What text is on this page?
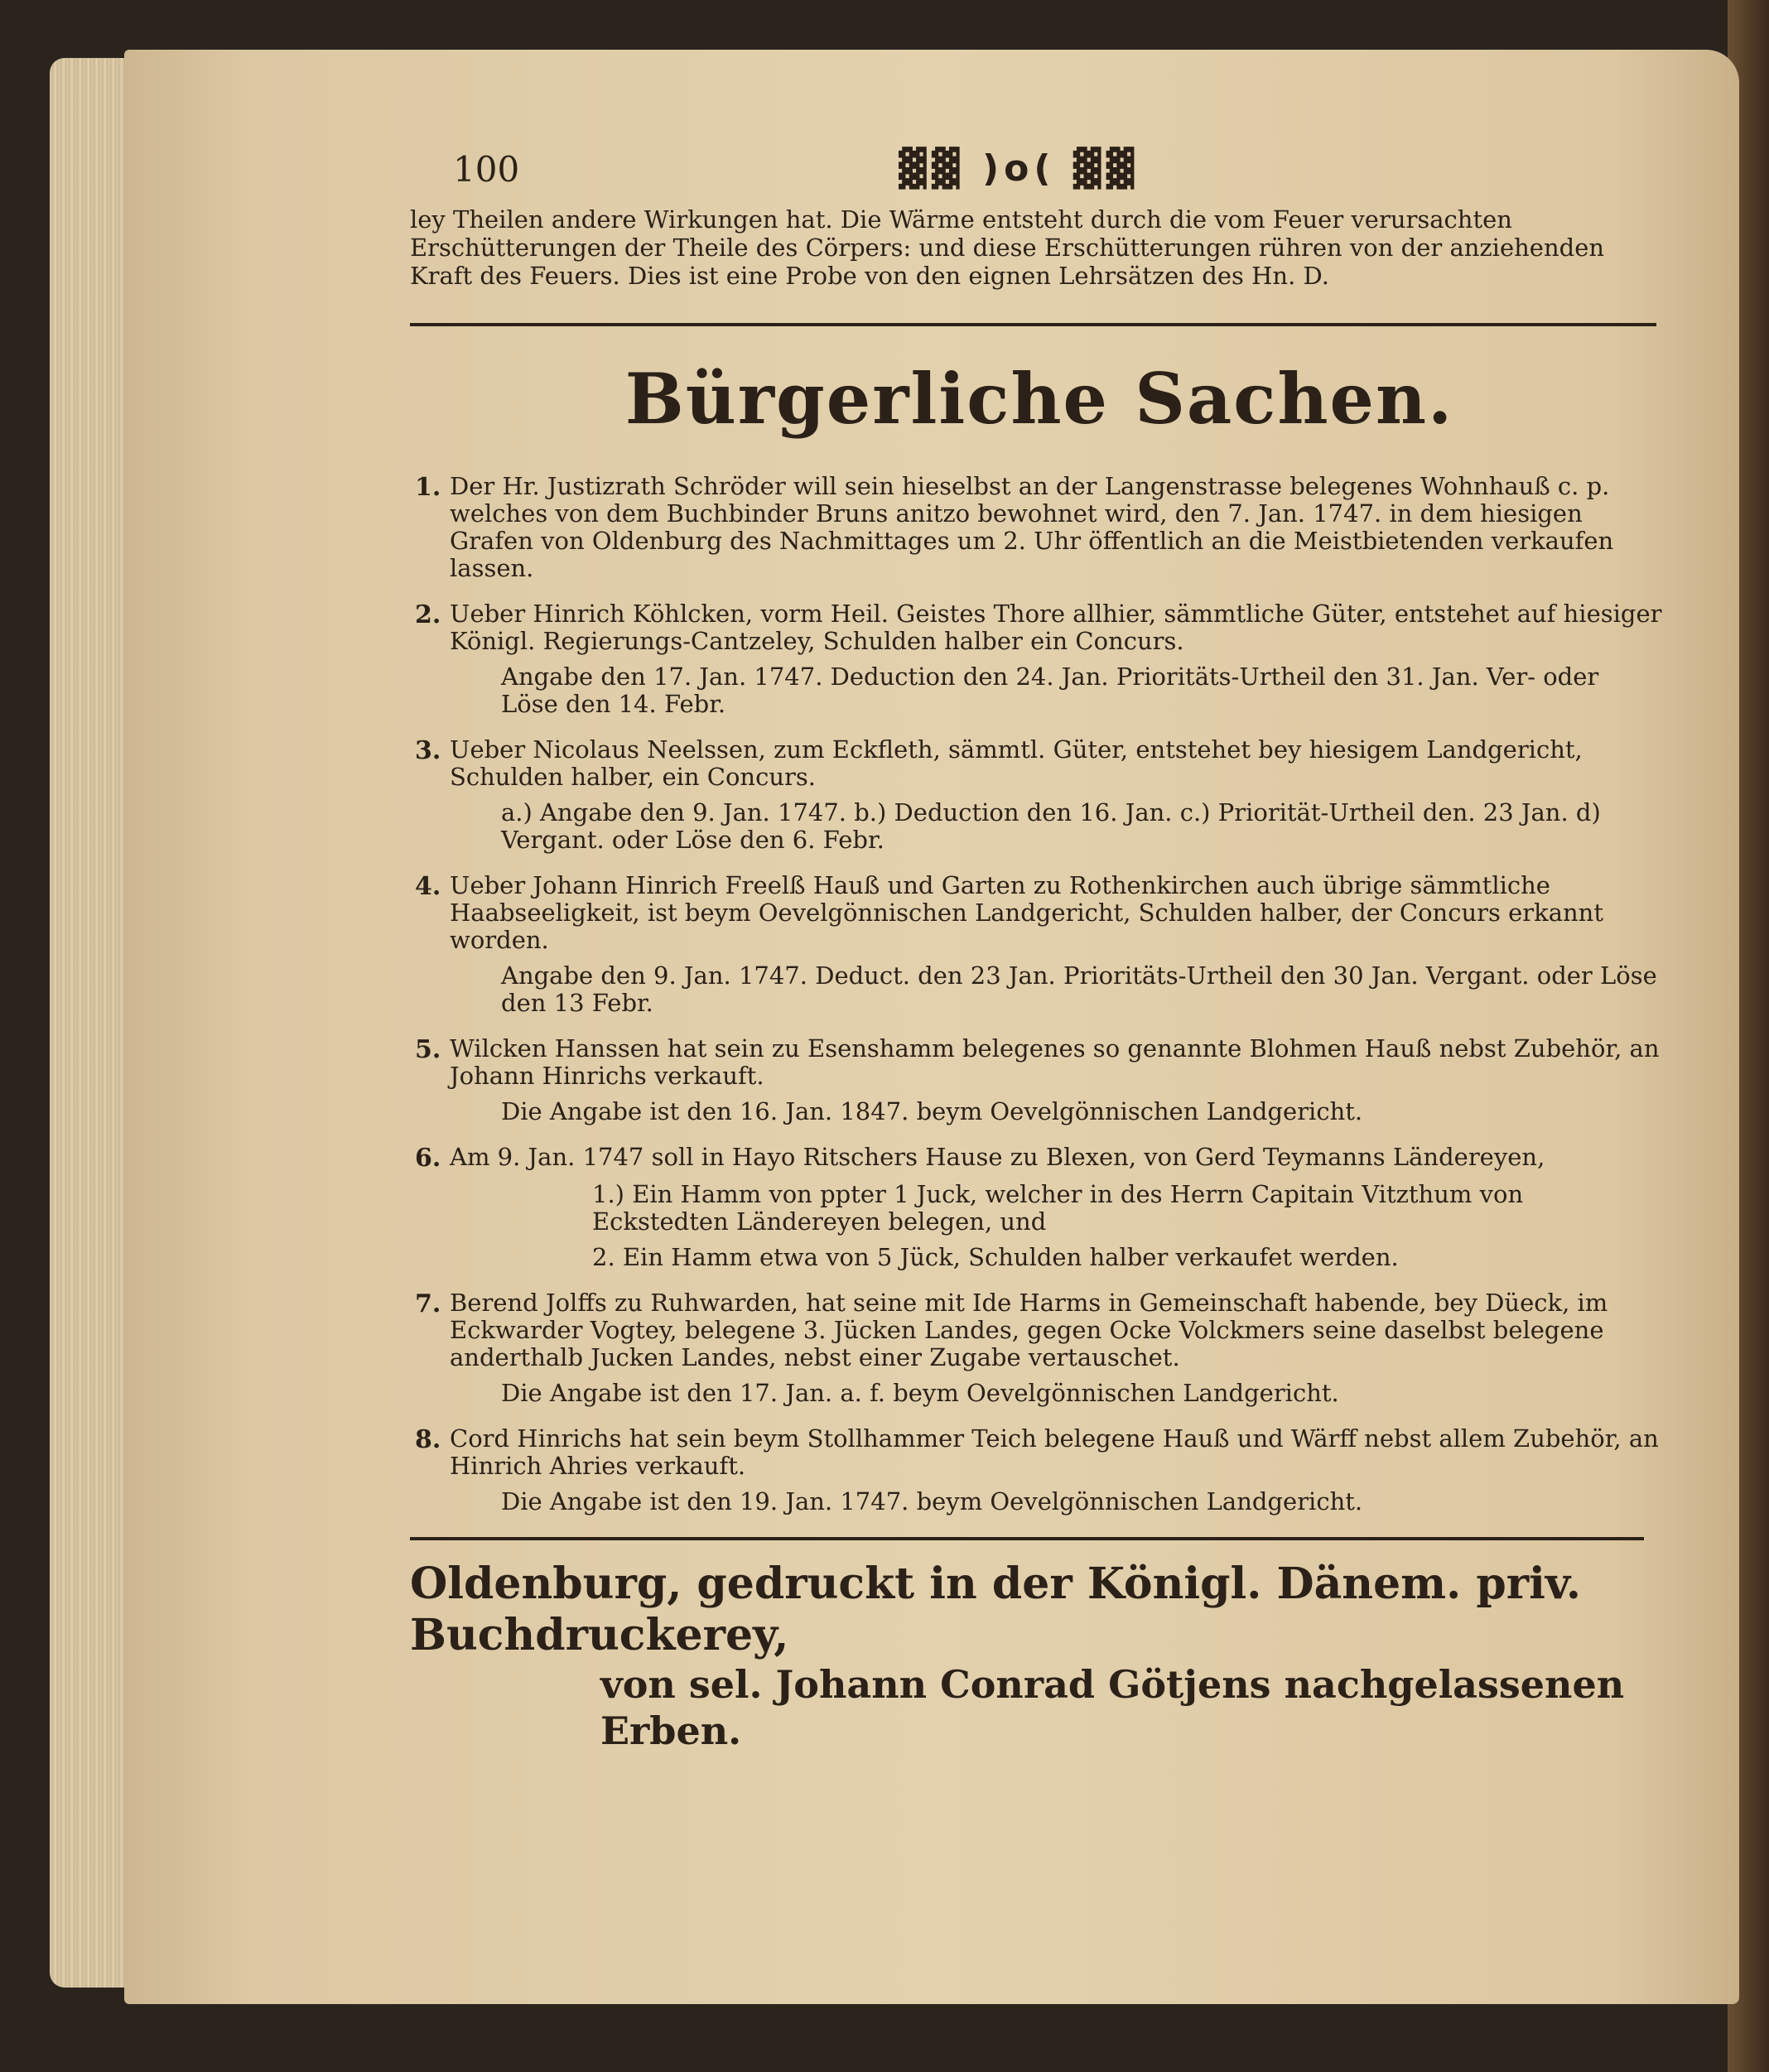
100	▓▓ )o( ▓▓

ley Theilen andere Wirkungen hat. Die Wärme entsteht durch die vom Feuer verursachten Erschütterungen der Theile des Cörpers: und diese Erschütterungen rühren von der anziehenden Kraft des Feuers. Dies ist eine Probe von den eignen Lehrsätzen des Hn. D.

Bürgerliche Sachen.
1. Der Hr. Justizrath Schröder will sein hieselbst an der Langenstrasse belegenes Wohnhauß c. p. welches von dem Buchbinder Bruns anitzo bewohnet wird, den 7. Jan. 1747. in dem hiesigen Grafen von Oldenburg des Nachmittages um 2. Uhr öffentlich an die Meistbietenden verkaufen lassen.

2. Ueber Hinrich Köhlcken, vorm Heil. Geistes Thore allhier, sämmtliche Güter, entstehet auf hiesiger Königl. Regierungs-Cantzeley, Schulden halber ein Concurs.

Angabe den 17. Jan. 1747. Deduction den 24. Jan. Prioritäts-Urtheil den 31. Jan. Ver- oder Löse den 14. Febr.
3. Ueber Nicolaus Neelssen, zum Eckfleth, sämmtl. Güter, entstehet bey hiesigem Landgericht, Schulden halber, ein Concurs.

a.) Angabe den 9. Jan. 1747. b.) Deduction den 16. Jan. c.) Priorität-Urtheil den. 23 Jan. d) Vergant. oder Löse den 6. Febr.
4. Ueber Johann Hinrich Freelß Hauß und Garten zu Rothenkirchen auch übrige sämmtliche Haabseeligkeit, ist beym Oevelgönnischen Landgericht, Schulden halber, der Concurs erkannt worden.

Angabe den 9. Jan. 1747. Deduct. den 23 Jan. Prioritäts-Urtheil den 30 Jan. Vergant. oder Löse den 13 Febr.
5. Wilcken Hanssen hat sein zu Esenshamm belegenes so genannte Blohmen Hauß nebst Zubehör, an Johann Hinrichs verkauft.

Die Angabe ist den 16. Jan. 1847. beym Oevelgönnischen Landgericht.
6. Am 9. Jan. 1747 soll in Hayo Ritschers Hause zu Blexen, von Gerd Teymanns Ländereyen,

1.) Ein Hamm von ppter 1 Juck, welcher in des Herrn Capitain Vitzthum von Eckstedten Ländereyen belegen, und
2. Ein Hamm etwa von 5 Jück, Schulden halber verkaufet werden.
7. Berend Jolffs zu Ruhwarden, hat seine mit Ide Harms in Gemeinschaft habende, bey Düeck, im Eckwarder Vogtey, belegene 3. Jücken Landes, gegen Ocke Volckmers seine daselbst belegene anderthalb Jucken Landes, nebst einer Zugabe vertauschet.

Die Angabe ist den 17. Jan. a. f. beym Oevelgönnischen Landgericht.
8. Cord Hinrichs hat sein beym Stollhammer Teich belegene Hauß und Wärff nebst allem Zubehör, an Hinrich Ahries verkauft.

Die Angabe ist den 19. Jan. 1747. beym Oevelgönnischen Landgericht.
Oldenburg, gedruckt in der Königl. Dänem. priv. Buchdruckerey,
von sel. Johann Conrad Götjens nachgelassenen Erben.
